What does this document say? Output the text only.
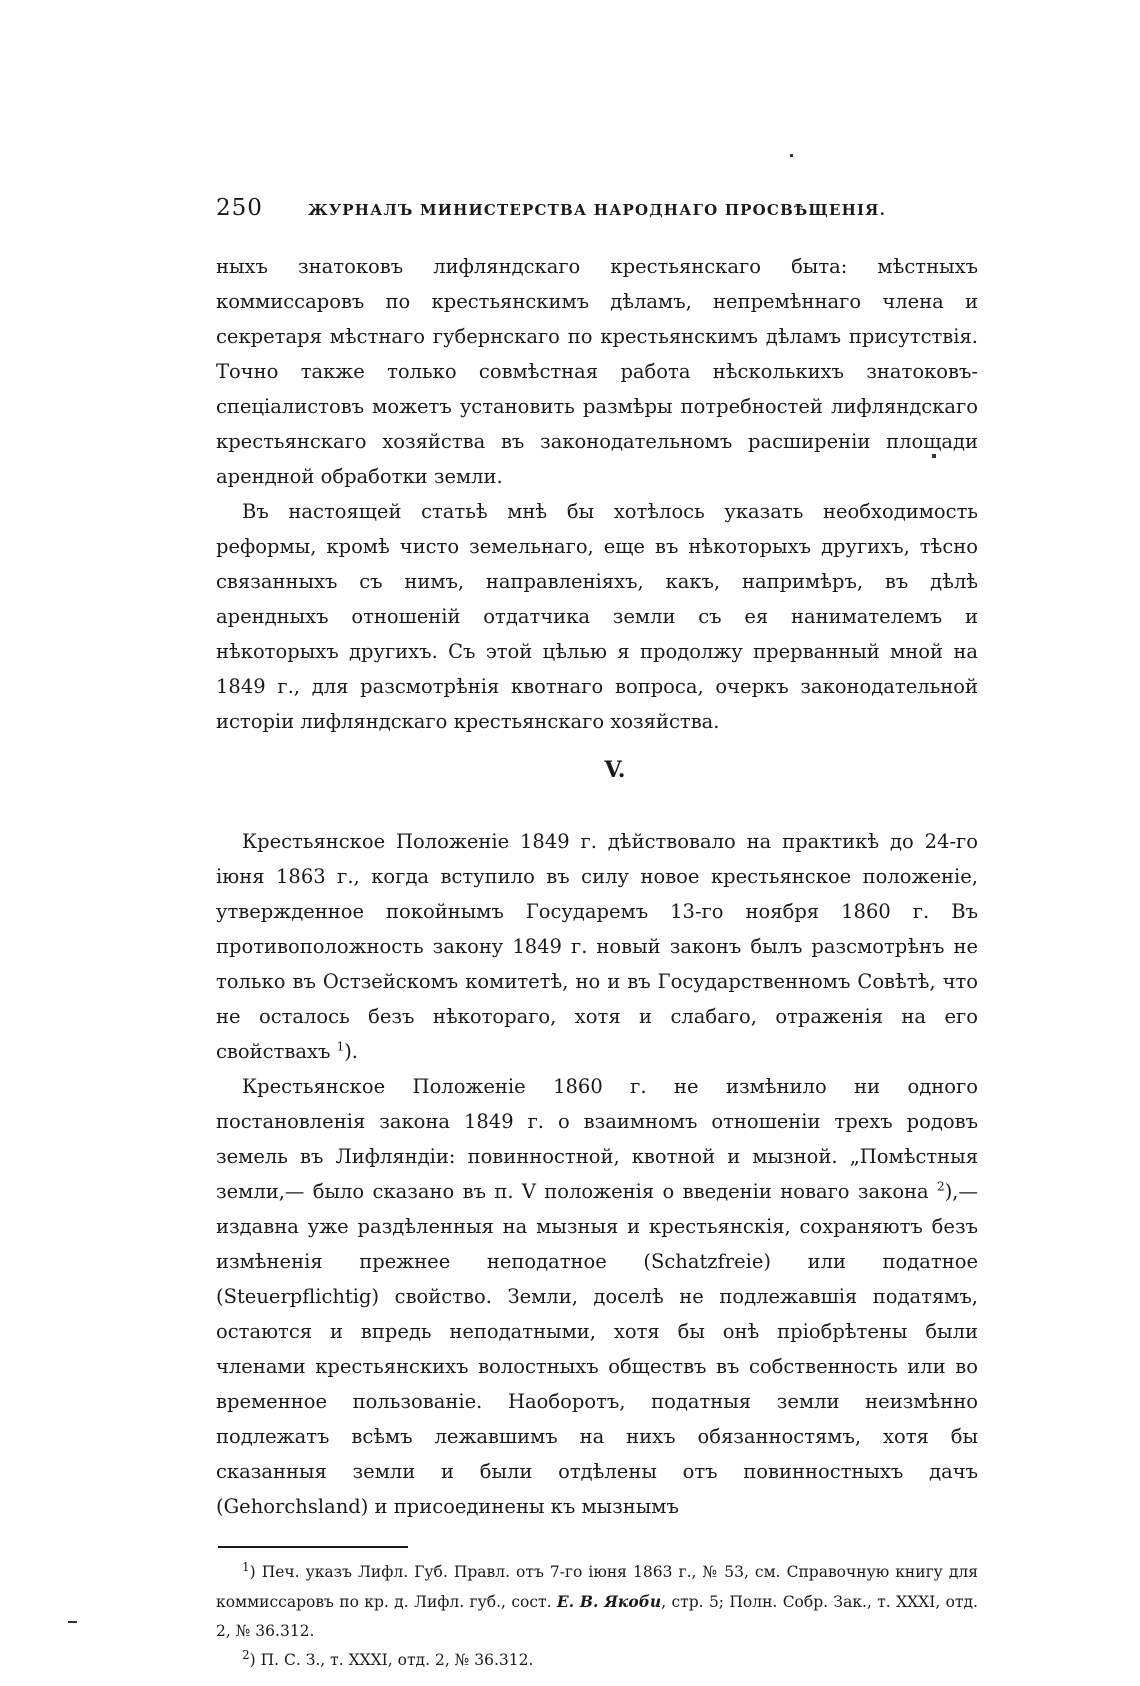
250	ЖУРНАЛЪ МИНИСТЕРСТВА НАРОДНАГО ПРОСВѢЩЕНІЯ.

ныхъ знатоковъ лифляндскаго крестьянскаго быта: мѣстныхъ коммиссаровъ по крестьянскимъ дѣламъ, непремѣннаго члена и секретаря мѣстнаго губернскаго по крестьянскимъ дѣламъ присутствія. Точно также только совмѣстная работа нѣсколькихъ знатоковъ-спеціалистовъ можетъ установить размѣры потребностей лифляндскаго крестьянскаго хозяйства въ законодательномъ расширеніи площади арендной обработки земли.

Въ настоящей статьѣ мнѣ бы хотѣлось указать необходимость реформы, кромѣ чисто земельнаго, еще въ нѣкоторыхъ другихъ, тѣсно связанныхъ съ нимъ, направленіяхъ, какъ, напримѣръ, въ дѣлѣ арендныхъ отношеній отдатчика земли съ ея нанимателемъ и нѣкоторыхъ другихъ. Съ этой цѣлью я продолжу прерванный мной на 1849 г., для разсмотрѣнія квотнаго вопроса, очеркъ законодательной исторіи лифляндскаго крестьянскаго хозяйства.

V.

Крестьянское Положеніе 1849 г. дѣйствовало на практикѣ до 24-го іюня 1863 г., когда вступило въ силу новое крестьянское положеніе, утвержденное покойнымъ Государемъ 13-го ноября 1860 г. Въ противоположность закону 1849 г. новый законъ былъ разсмотрѣнъ не только въ Остзейскомъ комитетѣ, но и въ Государственномъ Совѣтѣ, что не осталось безъ нѣкотораго, хотя и слабаго, отраженія на его свойствахъ $^1$).

Крестьянское Положеніе 1860 г. не измѣнило ни одного постановленія закона 1849 г. о взаимномъ отношеніи трехъ родовъ земель въ Лифляндіи: повинностной, квотной и мызной. „Помѣстныя земли,— было сказано въ п. V положенія о введеніи новаго закона $^2$),—издавна уже раздѣленныя на мызныя и крестьянскія, сохраняютъ безъ измѣненія прежнее неподатное (Schatzfreie) или податное (Steuerpflichtig) свойство. Земли, доселѣ не подлежавшія податямъ, остаются и впредь неподатными, хотя бы онѣ пріобрѣтены были членами крестьянскихъ волостныхъ обществъ въ собственность или во временное пользованіе. Наоборотъ, податныя земли неизмѣнно подлежатъ всѣмъ лежавшимъ на нихъ обязанностямъ, хотя бы сказанныя земли и были отдѣлены отъ повинностныхъ дачъ (Gehorchsland) и присоединены къ мызнымъ

$^1$) Печ. указъ Лифл. Губ. Правл. отъ 7-го іюня 1863 г., № 53, см. Справочную книгу для коммиссаровъ по кр. д. Лифл. губ., сост. Е. В. Якоби, стр. 5; Полн. Собр. Зак., т. XXXI, отд. 2, № 36.312.

$^2$) П. С. З., т. XXXI, отд. 2, № 36.312.
